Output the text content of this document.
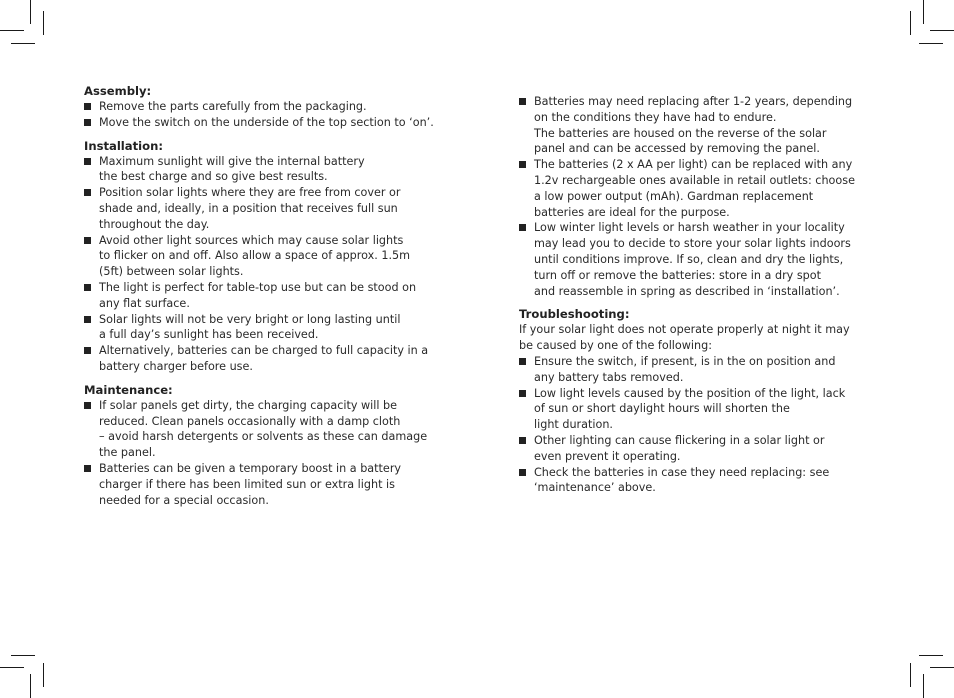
Assembly:
Remove the parts carefully from the packaging.
Move the switch on the underside of the top section to ‘on’.
Installation:
Maximum sunlight will give the internal battery
the best charge and so give best results.
Position solar lights where they are free from cover or
shade and, ideally, in a position that receives full sun
throughout the day.
Avoid other light sources which may cause solar lights
to flicker on and off. Also allow a space of approx. 1.5m
(5ft) between solar lights.
The light is perfect for table-top use but can be stood on
any flat surface.
Solar lights will not be very bright or long lasting until
a full day’s sunlight has been received.
Alternatively, batteries can be charged to full capacity in a
battery charger before use.
Maintenance:
If solar panels get dirty, the charging capacity will be
reduced. Clean panels occasionally with a damp cloth
– avoid harsh detergents or solvents as these can damage
the panel.
Batteries can be given a temporary boost in a battery
charger if there has been limited sun or extra light is
needed for a special occasion.
Batteries may need replacing after 1-2 years, depending
on the conditions they have had to endure.
The batteries are housed on the reverse of the solar
panel and can be accessed by removing the panel.
The batteries (2 x AA per light) can be replaced with any
1.2v rechargeable ones available in retail outlets: choose
a low power output (mAh). Gardman replacement
batteries are ideal for the purpose.
Low winter light levels or harsh weather in your locality
may lead you to decide to store your solar lights indoors
until conditions improve. If so, clean and dry the lights,
turn off or remove the batteries: store in a dry spot
and reassemble in spring as described in ‘installation’.
Troubleshooting:

If your solar light does not operate properly at night it may
be caused by one of the following:

Ensure the switch, if present, is in the on position and
any battery tabs removed.
Low light levels caused by the position of the light, lack
of sun or short daylight hours will shorten the
light duration.
Other lighting can cause flickering in a solar light or
even prevent it operating.
Check the batteries in case they need replacing: see
‘maintenance’ above.
